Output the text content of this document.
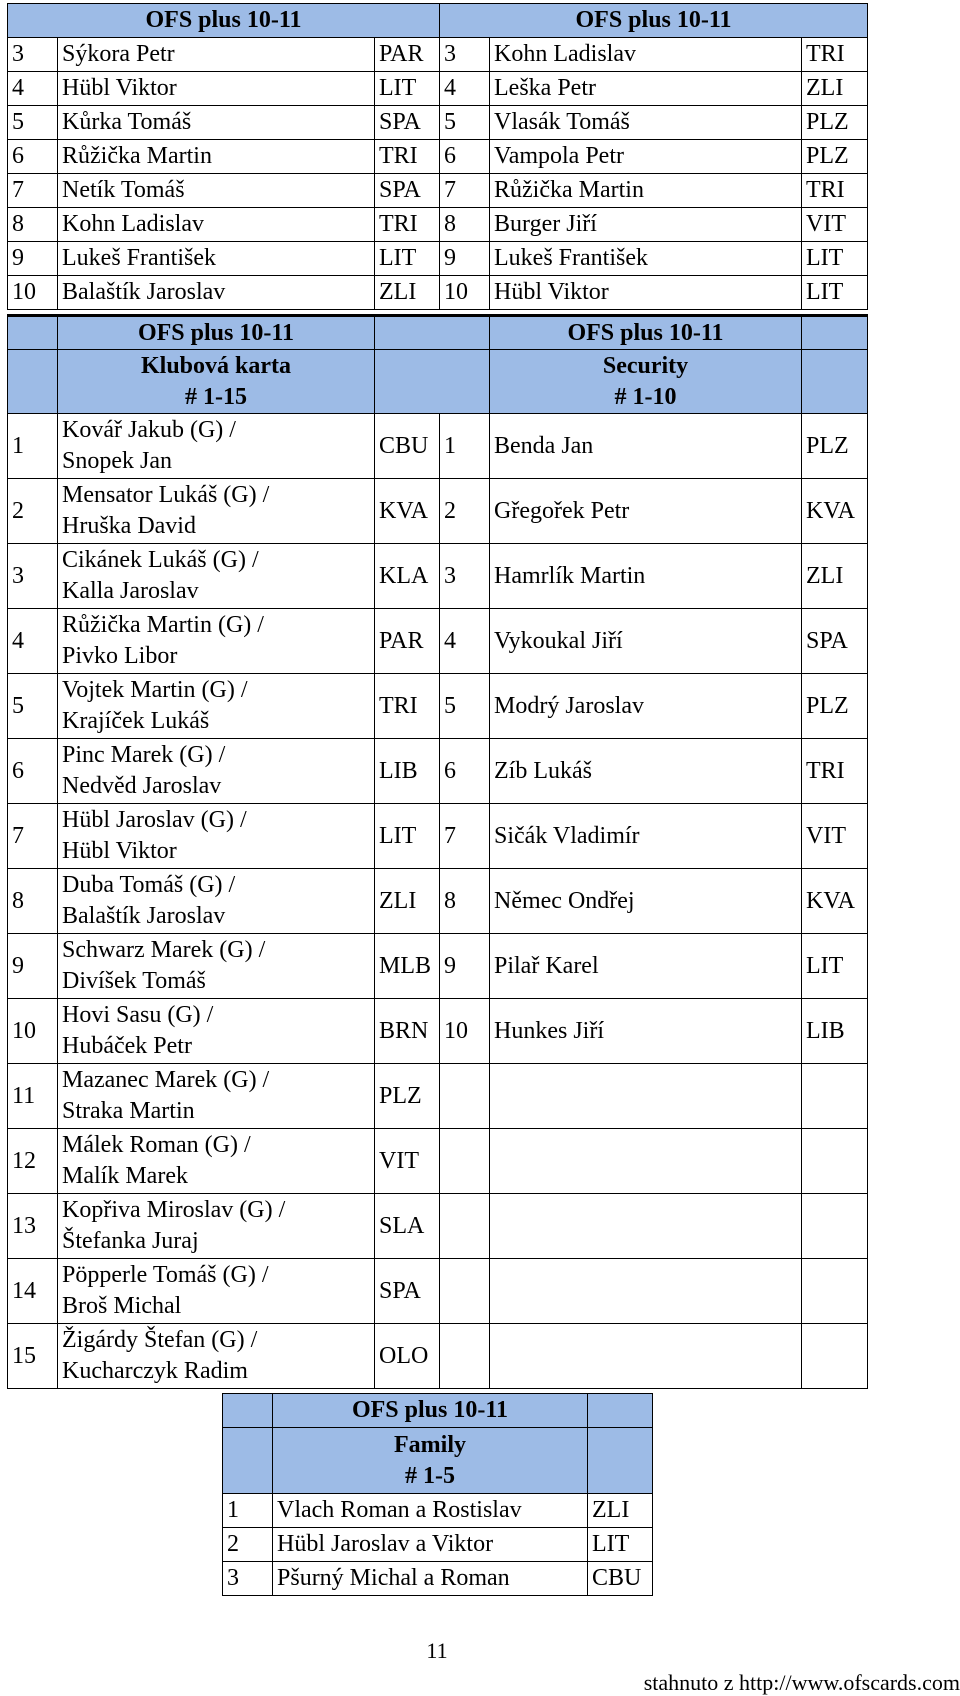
OFS plus 10-11			OFS plus 10-11		
3	Sýkora Petr	PAR	3	Kohn Ladislav	TRI
4	Hübl Viktor	LIT	4	Leška Petr	ZLI
5	Kůrka Tomáš	SPA	5	Vlasák Tomáš	PLZ
6	Růžička Martin	TRI	6	Vampola Petr	PLZ
7	Netík Tomáš	SPA	7	Růžička Martin	TRI
8	Kohn Ladislav	TRI	8	Burger Jiří	VIT
9	Lukeš František	LIT	9	Lukeš František	LIT
10	Balaštík Jaroslav	ZLI	10	Hübl Viktor	LIT
	OFS plus 10-11			OFS plus 10-11	

	Klubová karta
# 1-15			Security
# 1-10	

1	Kovář Jakub (G) /
Snopek Jan	CBU	1	Benda Jan	PLZ
2	Mensator Lukáš (G) /
Hruška David	KVA	2	Gřegořek Petr	KVA
3	Cikánek Lukáš (G) /
Kalla Jaroslav	KLA	3	Hamrlík Martin	ZLI
4	Růžička Martin (G) /
Pivko Libor	PAR	4	Vykoukal Jiří	SPA
5	Vojtek Martin (G) /
Krajíček Lukáš	TRI	5	Modrý Jaroslav	PLZ
6	Pinc Marek (G) /
Nedvěd Jaroslav	LIB	6	Zíb Lukáš	TRI
7	Hübl Jaroslav (G) /
Hübl Viktor	LIT	7	Sičák Vladimír	VIT
8	Duba Tomáš (G) /
Balaštík Jaroslav	ZLI	8	Němec Ondřej	KVA
9	Schwarz Marek (G) /
Divíšek Tomáš	MLB	9	Pilař Karel	LIT
10	Hovi Sasu (G) /
Hubáček Petr	BRN	10	Hunkes Jiří	LIB
11	Mazanec Marek (G) /
Straka Martin	PLZ			
12	Málek Roman (G) /
Malík Marek	VIT			
13	Kopřiva Miroslav (G) /
Štefanka Juraj	SLA			
14	Pöpperle Tomáš (G) /
Broš Michal	SPA			
15	Žigárdy Štefan (G) /
Kucharczyk Radim	OLO			
	OFS plus 10-11	

	Family
# 1-5	

1	Vlach Roman a Rostislav	ZLI
2	Hübl Jaroslav a Viktor	LIT
3	Pšurný Michal a Roman	CBU
11
stahnuto z http://www.ofscards.com
